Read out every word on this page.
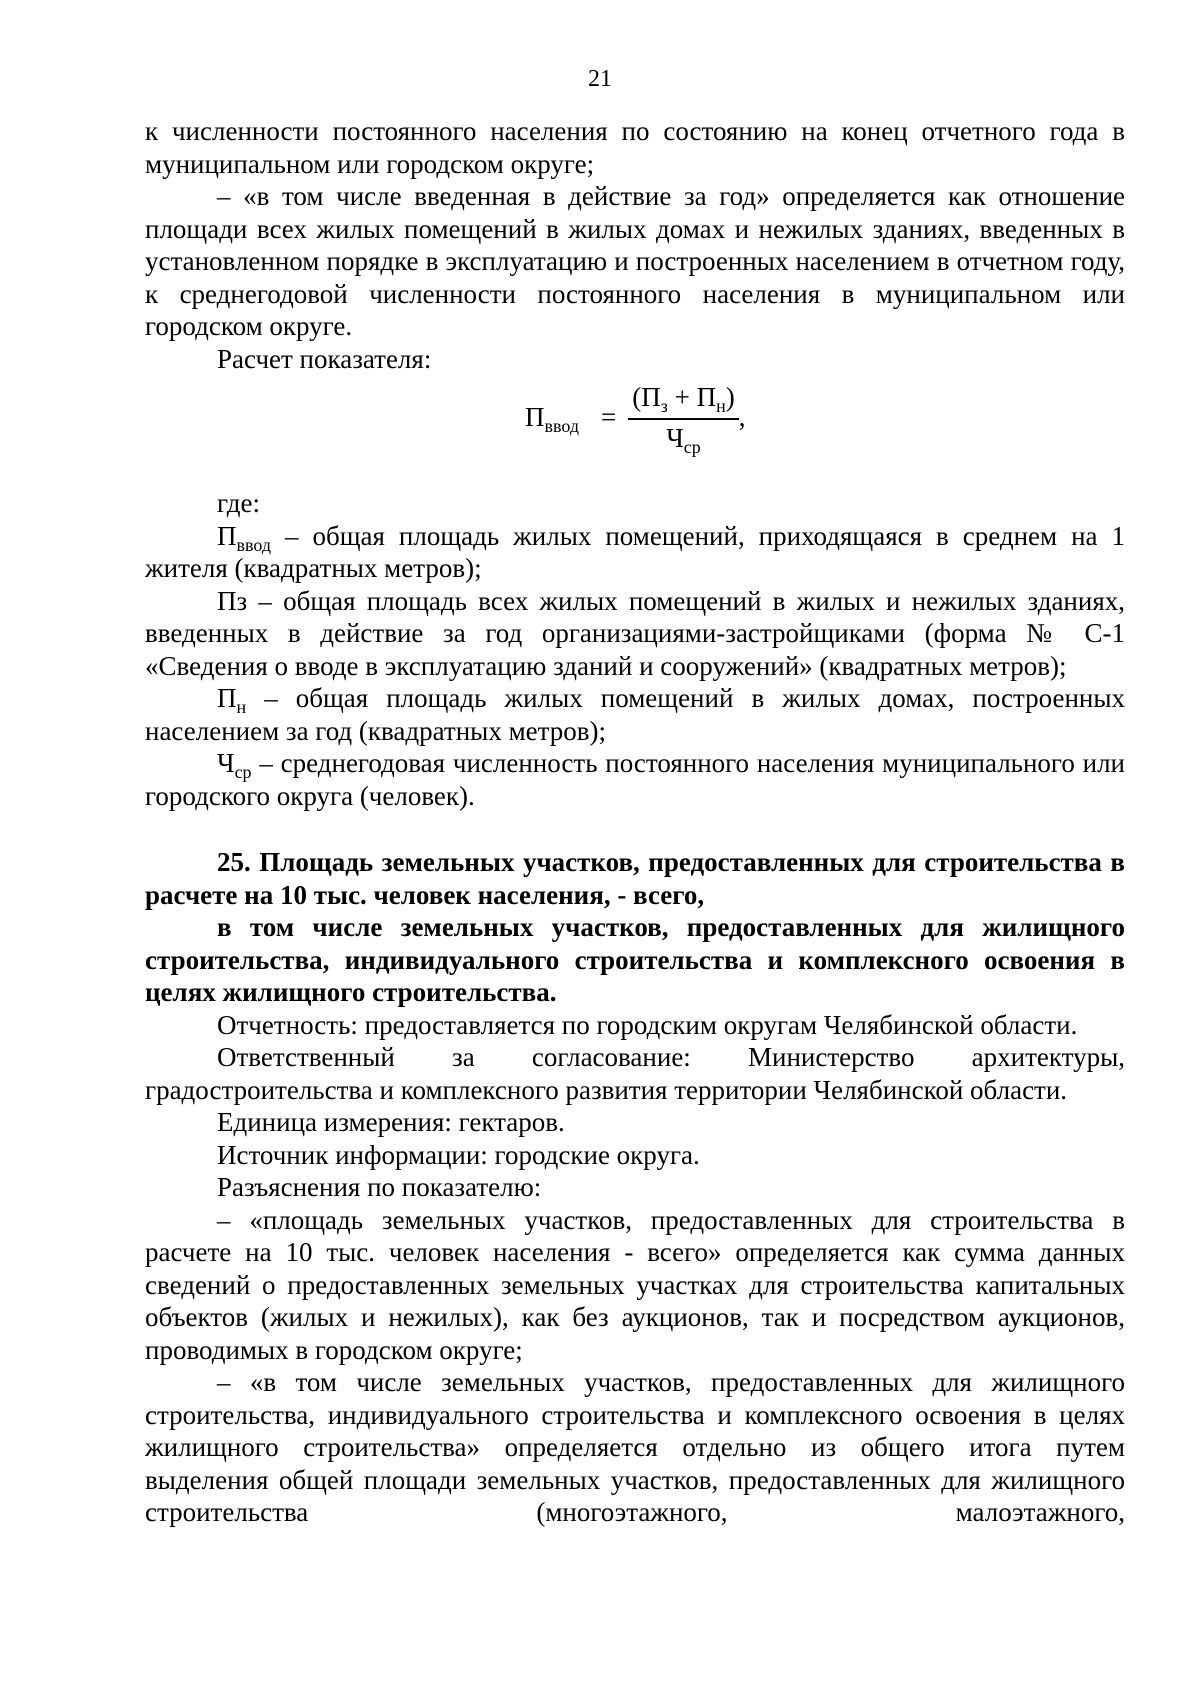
21

к численности постоянного населения по состоянию на конец отчетного года в муниципальном или городском округе;

– «в том числе введенная в действие за год» определяется как отношение площади всех жилых помещений в жилых домах и нежилых зданиях, введенных в установленном порядке в эксплуатацию и построенных населением в отчетном году, к среднегодовой численности постоянного населения в муниципальном или городском округе.

Расчет показателя:

$П_{ввод} = \frac{(П_з + П_н)}{Ч_{ср}}$ ,

где:

$П_{ввод}$ – общая площадь жилых помещений, приходящаяся в среднем на 1 жителя (квадратных метров);

Пз – общая площадь всех жилых помещений в жилых и нежилых зданиях, введенных в действие за год организациями-застройщиками (форма № С-1 «Сведения о вводе в эксплуатацию зданий и сооружений» (квадратных метров);

$П_н$ – общая площадь жилых помещений в жилых домах, построенных населением за год (квадратных метров);

$Ч_{ср}$ – среднегодовая численность постоянного населения муниципального или городского округа (человек).

25. Площадь земельных участков, предоставленных для строительства в расчете на 10 тыс. человек населения, - всего,

в том числе земельных участков, предоставленных для жилищного строительства, индивидуального строительства и комплексного освоения в целях жилищного строительства.

Отчетность: предоставляется по городским округам Челябинской области.

Ответственный за согласование: Министерство архитектуры, градостроительства и комплексного развития территории Челябинской области.

Единица измерения: гектаров.

Источник информации: городские округа.

Разъяснения по показателю:

– «площадь земельных участков, предоставленных для строительства в расчете на 10 тыс. человек населения - всего» определяется как сумма данных сведений о предоставленных земельных участках для строительства капитальных объектов (жилых и нежилых), как без аукционов, так и посредством аукционов, проводимых в городском округе;

– «в том числе земельных участков, предоставленных для жилищного строительства, индивидуального строительства и комплексного освоения в целях жилищного строительства» определяется отдельно из общего итога путем выделения общей площади земельных участков, предоставленных для жилищного строительства (многоэтажного, малоэтажного,
